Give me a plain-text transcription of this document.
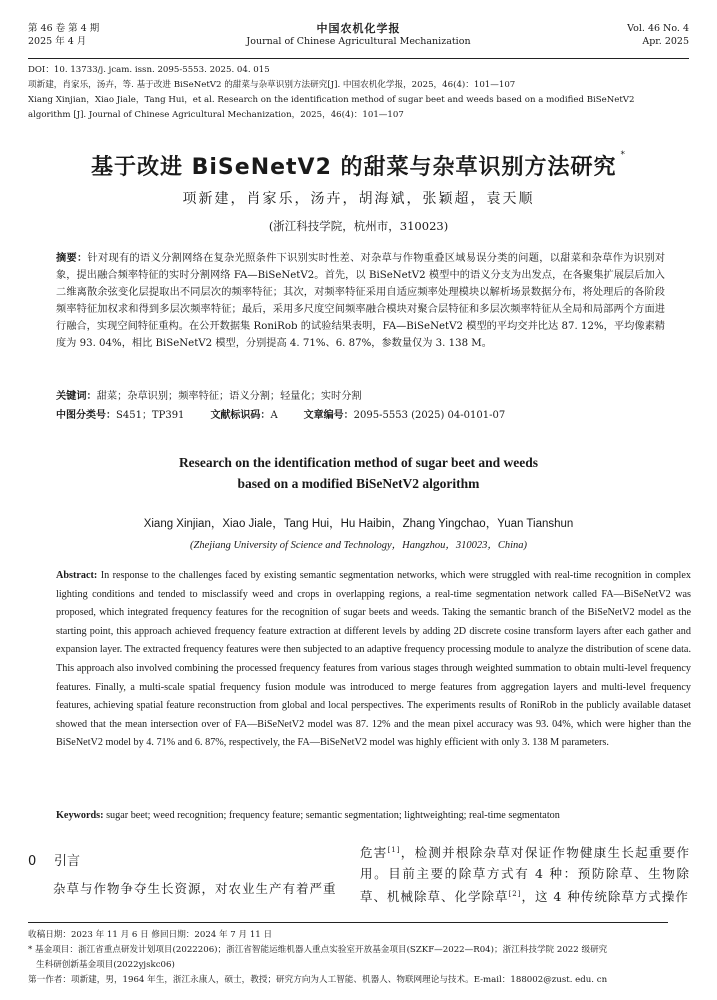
第 46 卷 第 4 期
2025 年 4 月
中国农机化学报
Journal of Chinese Agricultural Mechanization
Vol. 46 No. 4
Apr. 2025
DOI：10. 13733/j. jcam. issn. 2095-5553. 2025. 04. 015
项新建，肖家乐，汤卉，等. 基于改进 BiSeNetV2 的甜菜与杂草识别方法研究[J]. 中国农机化学报，2025，46(4)：101—107
Xiang Xinjian，Xiao Jiale，Tang Hui，et al. Research on the identification method of sugar beet and weeds based on a modified BiSeNetV2
algorithm [J]. Journal of Chinese Agricultural Mechanization，2025，46(4)：101—107
基于改进 BiSeNetV2 的甜菜与杂草识别方法研究 *
项新建，肖家乐，汤卉，胡海斌，张颖超，袁天顺
(浙江科技学院，杭州市，310023)
摘要：针对现有的语义分割网络在复杂光照条件下识别实时性差、对杂草与作物重叠区域易误分类的问题，以甜菜和杂草作为识别对象，提出融合频率特征的实时分割网络 FA—BiSeNetV2。首先，以 BiSeNetV2 模型中的语义分支为出发点，在各聚集扩展层后加入二维离散余弦变化层提取出不同层次的频率特征；其次，对频率特征采用自适应频率处理模块以解析场景数据分布，将处理后的各阶段频率特征加权求和得到多层次频率特征；最后，采用多尺度空间频率融合模块对聚合层特征和多层次频率特征从全局和局部两个方面进行融合，实现空间特征重构。在公开数据集 RoniRob 的试验结果表明，FA—BiSeNetV2 模型的平均交并比达 87. 12%，平均像素精度为 93. 04%，相比 BiSeNetV2 模型，分别提高 4. 71%、6. 87%，参数量仅为 3. 138 M。
关键词：甜菜；杂草识别；频率特征；语义分割；轻量化；实时分割
中图分类号：S451；TP391	文献标识码：A	文章编号：2095-5553 (2025) 04-0101-07
Research on the identification method of sugar beet and weeds
based on a modified BiSeNetV2 algorithm
Xiang Xinjian，Xiao Jiale，Tang Hui，Hu Haibin，Zhang Yingchao，Yuan Tianshun
(Zhejiang University of Science and Technology，Hangzhou，310023，China)
Abstract: In response to the challenges faced by existing semantic segmentation networks, which were struggled with real-time recognition in complex lighting conditions and tended to misclassify weed and crops in overlapping regions, a real-time segmentation network called FA—BiSeNetV2 was proposed, which integrated frequency features for the recognition of sugar beets and weeds. Taking the semantic branch of the BiSeNetV2 model as the starting point, this approach achieved frequency feature extraction at different levels by adding 2D discrete cosine transform layers after each gather and expansion layer. The extracted frequency features were then subjected to an adaptive frequency processing module to analyze the distribution of scene data. This approach also involved combining the processed frequency features from various stages through weighted summation to obtain multi-level frequency features. Finally, a multi-scale spatial frequency fusion module was introduced to merge features from aggregation layers and multi-level frequency features, achieving spatial feature reconstruction from global and local perspectives. The experiments results of RoniRob in the publicly available dataset showed that the mean intersection over of FA—BiSeNetV2 model was 87. 12% and the mean pixel accuracy was 93. 04%, which were higher than the BiSeNetV2 model by 4. 71% and 6. 87%, respectively, the FA—BiSeNetV2 model was highly efficient with only 3. 138 M parameters.
Keywords: sugar beet; weed recognition; frequency feature; semantic segmentation; lightweighting; real-time segmentaton
0 引言
杂草与作物争夺生长资源，对农业生产有着严重
危害[1]，检测并根除杂草对保证作物健康生长起重要作用。目前主要的除草方式有 4 种：预防除草、生物除草、机械除草、化学除草[2]，这 4 种传统除草方式操作
收稿日期：2023 年 11 月 6 日 修回日期：2024 年 7 月 11 日
* 基金项目：浙江省重点研发计划项目(2022206)；浙江省智能运维机器人重点实验室开放基金项目(SZKF—2022—R04)；浙江科技学院 2022 级研究
生科研创新基金项目(2022yjskc06)
第一作者：项新建，男，1964 年生，浙江永康人，硕士，教授；研究方向为人工智能、机器人、物联网理论与技术。E-mail：188002@zust. edu. cn
